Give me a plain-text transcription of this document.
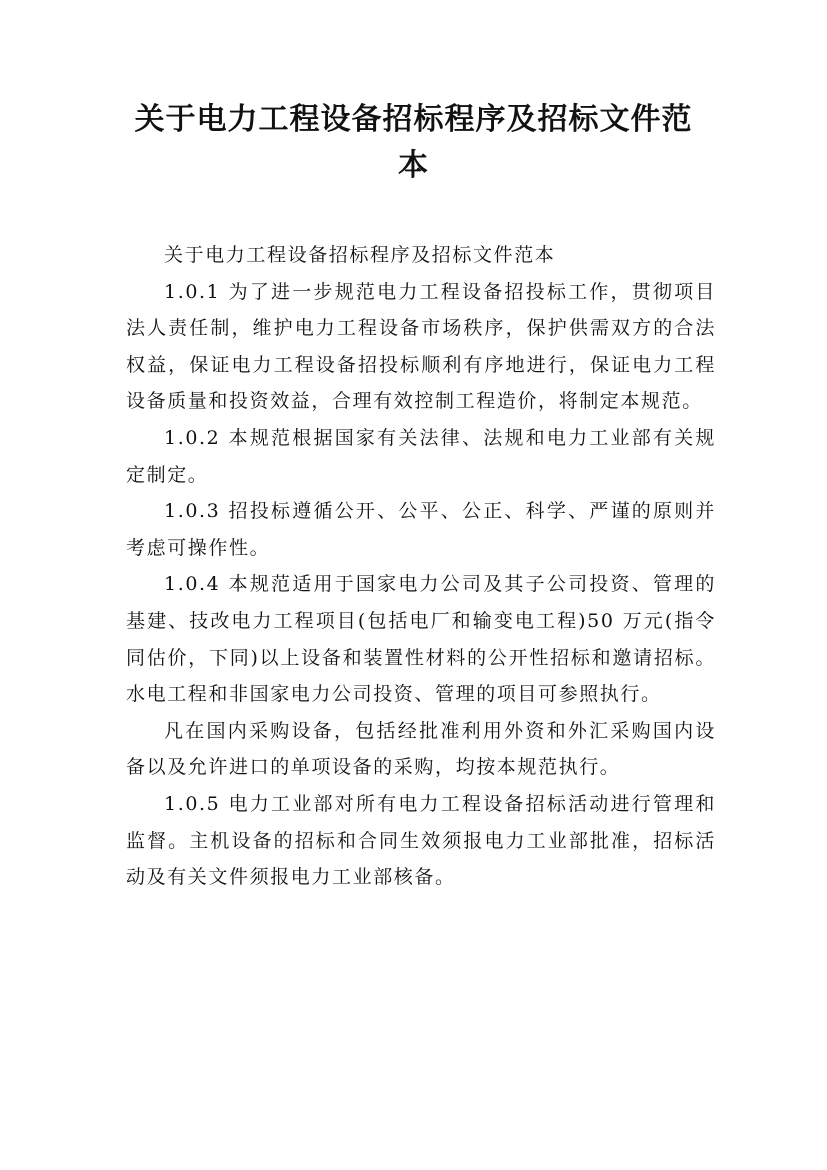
关于电力工程设备招标程序及招标文件范
本

关于电力工程设备招标程序及招标文件范本

1.0.1 为了进一步规范电力工程设备招投标工作，贯彻项目法人责任制，维护电力工程设备市场秩序，保护供需双方的合法权益，保证电力工程设备招投标顺利有序地进行，保证电力工程设备质量和投资效益，合理有效控制工程造价，将制定本规范。

1.0.2 本规范根据国家有关法律、法规和电力工业部有关规定制定。

1.0.3 招投标遵循公开、公平、公正、科学、严谨的原则并考虑可操作性。

1.0.4 本规范适用于国家电力公司及其子公司投资、管理的基建、技改电力工程项目(包括电厂和输变电工程)50 万元(指令同估价，下同)以上设备和装置性材料的公开性招标和邀请招标。水电工程和非国家电力公司投资、管理的项目可参照执行。

凡在国内采购设备，包括经批准利用外资和外汇采购国内设备以及允许进口的单项设备的采购，均按本规范执行。

1.0.5 电力工业部对所有电力工程设备招标活动进行管理和监督。主机设备的招标和合同生效须报电力工业部批准，招标活动及有关文件须报电力工业部核备。
